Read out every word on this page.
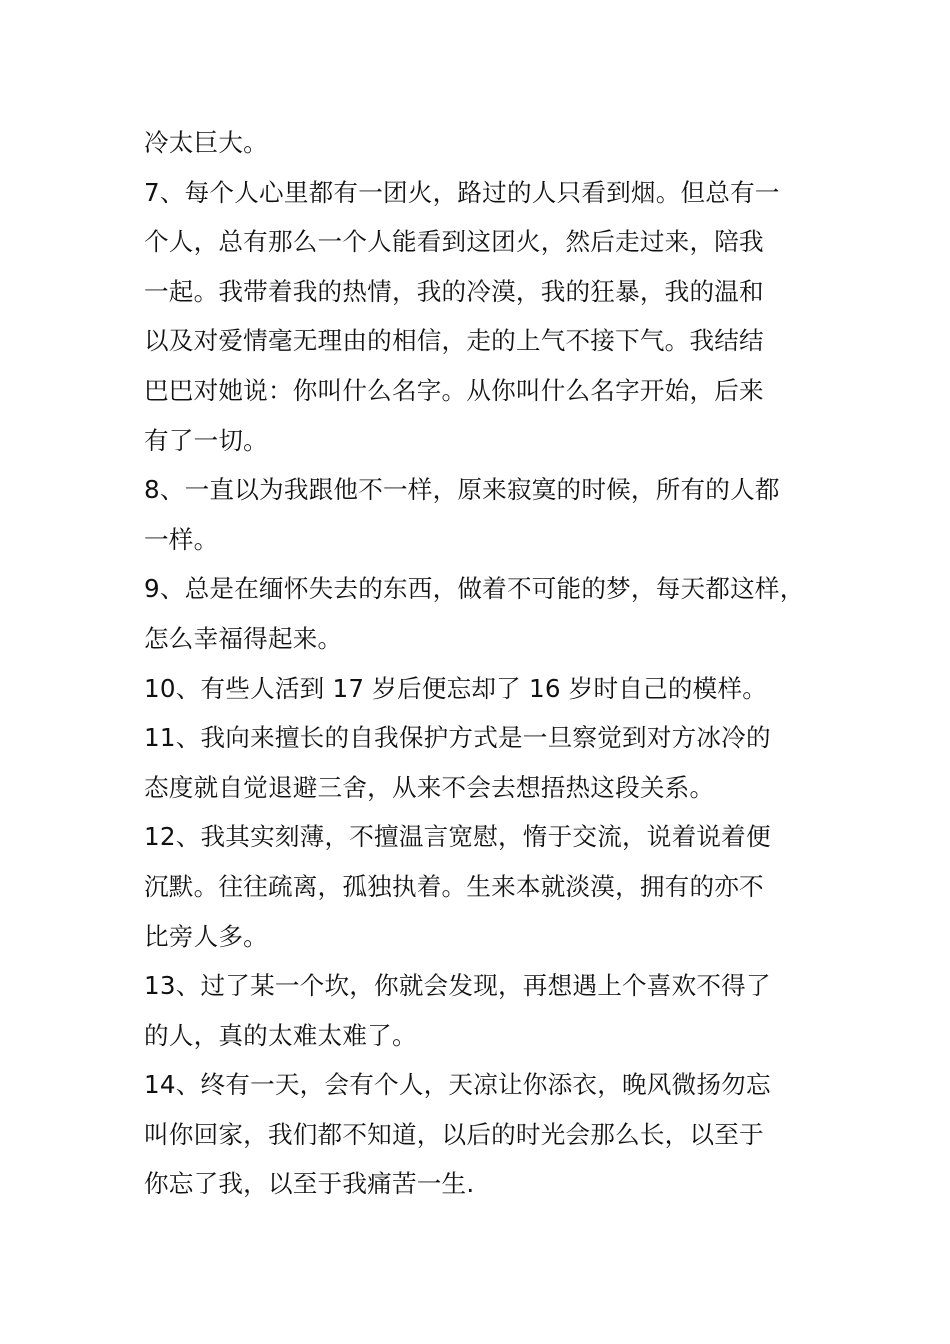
冷太巨大。
7、每个人心里都有一团火，路过的人只看到烟。但总有一
个人，总有那么一个人能看到这团火，然后走过来，陪我
一起。我带着我的热情，我的冷漠，我的狂暴，我的温和
以及对爱情毫无理由的相信，走的上气不接下气。我结结
巴巴对她说：你叫什么名字。从你叫什么名字开始，后来
有了一切。
8、一直以为我跟他不一样，原来寂寞的时候，所有的人都
一样。
9、总是在缅怀失去的东西，做着不可能的梦，每天都这样，
怎么幸福得起来。
10、有些人活到 17 岁后便忘却了 16 岁时自己的模样。
11、我向来擅长的自我保护方式是一旦察觉到对方冰冷的
态度就自觉退避三舍，从来不会去想捂热这段关系。
12、我其实刻薄，不擅温言宽慰，惰于交流，说着说着便
沉默。往往疏离，孤独执着。生来本就淡漠，拥有的亦不
比旁人多。
13、过了某一个坎，你就会发现，再想遇上个喜欢不得了
的人，真的太难太难了。
14、终有一天，会有个人，天凉让你添衣，晚风微扬勿忘
叫你回家，我们都不知道，以后的时光会那么长，以至于
你忘了我，以至于我痛苦一生.
